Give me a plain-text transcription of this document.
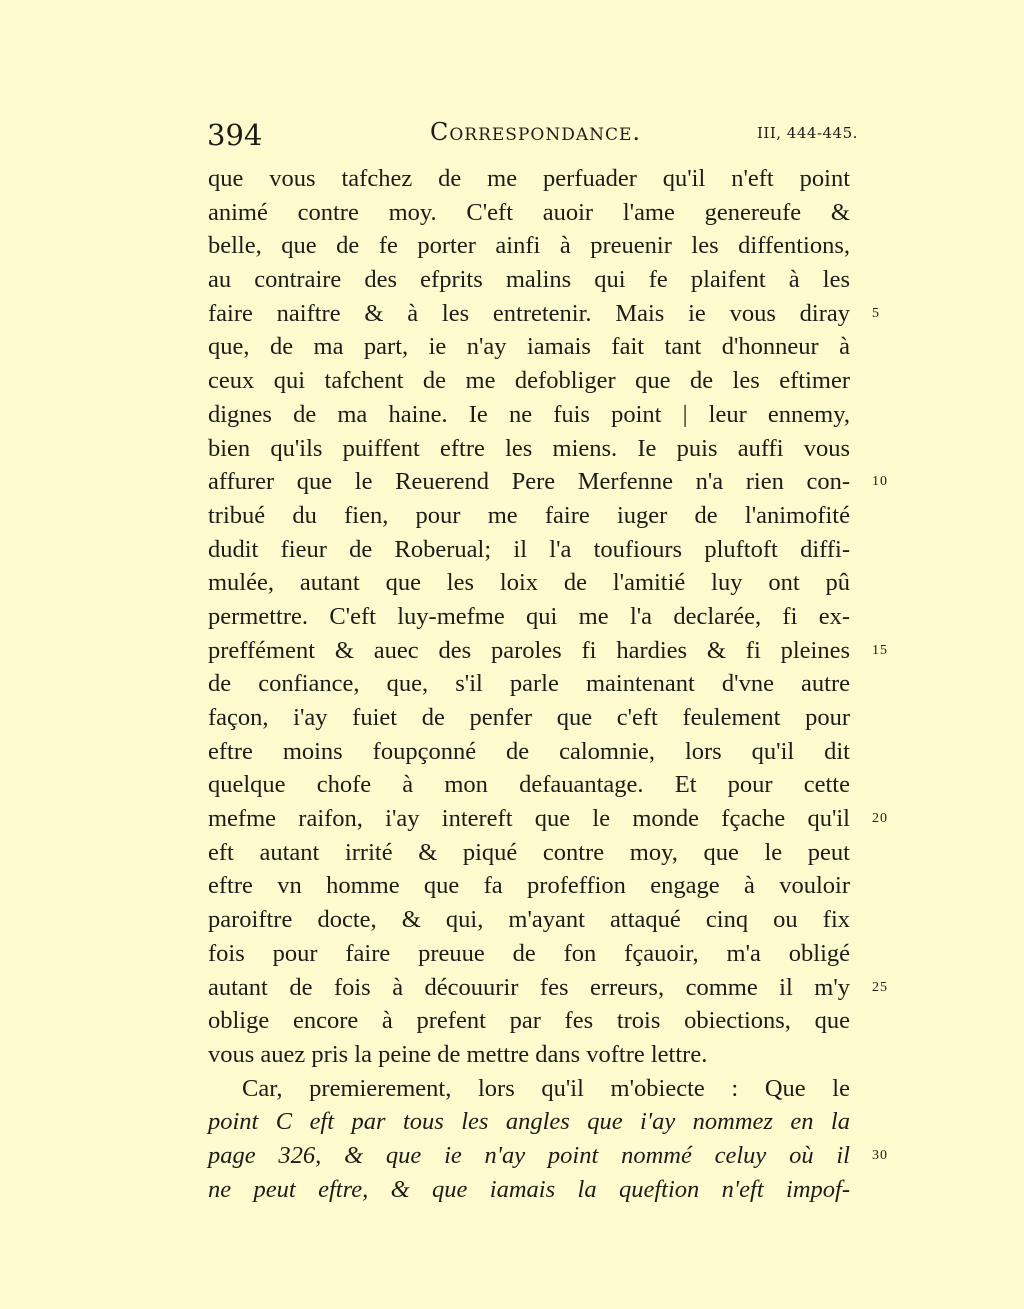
394	Correspondance.	III, 444-445.
que vous tafchez de me perfuader qu'il n'eft point
animé contre moy. C'eft auoir l'ame genereufe &
belle, que de fe porter ainfi à preuenir les diffentions,
au contraire des efprits malins qui fe plaifent à les
faire naiftre & à les entretenir. Mais ie vous diray
que, de ma part, ie n'ay iamais fait tant d'honneur à
ceux qui tafchent de me defobliger que de les eftimer
dignes de ma haine. Ie ne fuis point | leur ennemy,
bien qu'ils puiffent eftre les miens. Ie puis auffi vous
affurer que le Reuerend Pere Merfenne n'a rien con-
tribué du fien, pour me faire iuger de l'animofité
dudit fieur de Roberual; il l'a toufiours pluftoft diffi-
mulée, autant que les loix de l'amitié luy ont pû
permettre. C'eft luy-mefme qui me l'a declarée, fi ex-
preffément & auec des paroles fi hardies & fi pleines
de confiance, que, s'il parle maintenant d'vne autre
façon, i'ay fuiet de penfer que c'eft feulement pour
eftre moins foupçonné de calomnie, lors qu'il dit
quelque chofe à mon defauantage. Et pour cette
mefme raifon, i'ay intereft que le monde fçache qu'il
eft autant irrité & piqué contre moy, que le peut
eftre vn homme que fa profeffion engage à vouloir
paroiftre docte, & qui, m'ayant attaqué cinq ou fix
fois pour faire preuue de fon fçauoir, m'a obligé
autant de fois à découurir fes erreurs, comme il m'y
oblige encore à prefent par fes trois obiections, que
vous auez pris la peine de mettre dans voftre lettre.
Car, premierement, lors qu'il m'obiecte : Que le
point C eft par tous les angles que i'ay nommez en la
page 326, & que ie n'ay point nommé celuy où il
ne peut eftre, & que iamais la queftion n'eft impof-
5
10
15
20
25
30
